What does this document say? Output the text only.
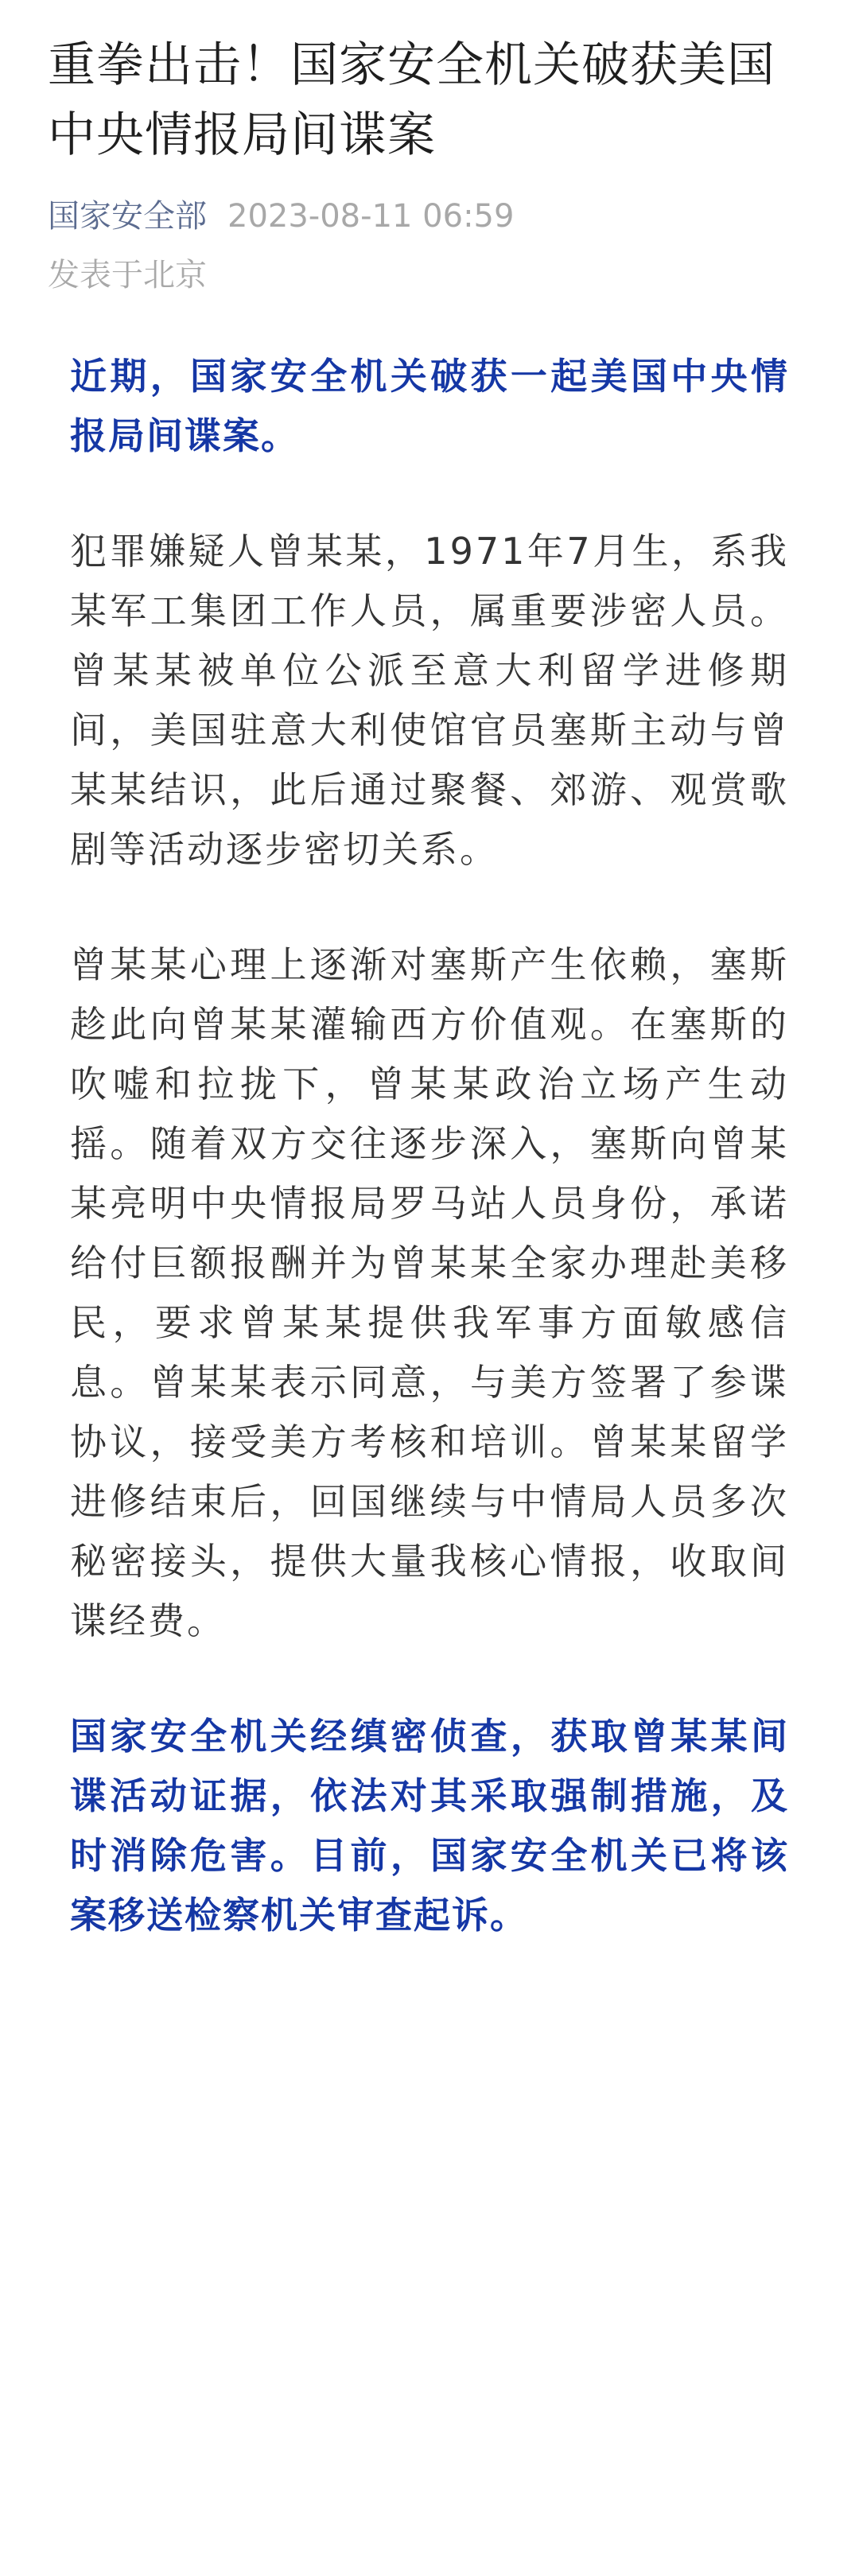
重拳出击！国家安全机关破获美国中央情报局间谍案
国家安全部 2023-08-11 06:59
发表于北京

近期，国家安全机关破获一起美国中央情报局间谍案。

犯罪嫌疑人曾某某，1971年7月生，系我某军工集团工作人员，属重要涉密人员。曾某某被单位公派至意大利留学进修期间，美国驻意大利使馆官员塞斯主动与曾某某结识，此后通过聚餐、郊游、观赏歌剧等活动逐步密切关系。

曾某某心理上逐渐对塞斯产生依赖，塞斯趁此向曾某某灌输西方价值观。在塞斯的吹嘘和拉拢下，曾某某政治立场产生动摇。随着双方交往逐步深入，塞斯向曾某某亮明中央情报局罗马站人员身份，承诺给付巨额报酬并为曾某某全家办理赴美移民，要求曾某某提供我军事方面敏感信息。曾某某表示同意，与美方签署了参谍协议，接受美方考核和培训。曾某某留学进修结束后，回国继续与中情局人员多次秘密接头，提供大量我核心情报，收取间谍经费。

国家安全机关经缜密侦查，获取曾某某间谍活动证据，依法对其采取强制措施，及时消除危害。目前，国家安全机关已将该案移送检察机关审查起诉。
